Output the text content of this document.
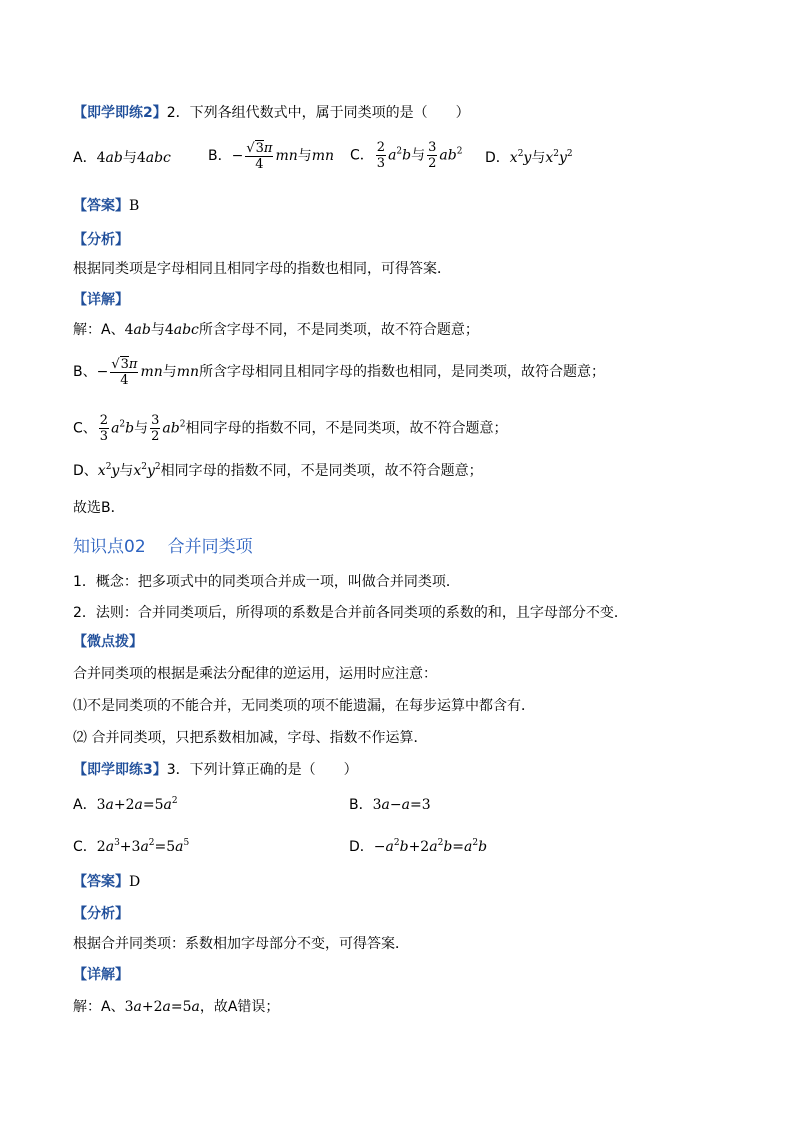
【即学即练2】2．下列各组代数式中，属于同类项的是（　　）
A．4ab与4abc	B．− $\frac{√3\pi}{4}$ mn与mn C． $\frac{2}{3} a^2b$与 $\frac{3}{2} ab^2$ D．$x^2y$与$x^2y^2$
【答案】B
【分析】
根据同类项是字母相同且相同字母的指数也相同，可得答案．
【详解】
解：A、4ab与4abc所含字母不同，不是同类项，故不符合题意；
B、− $\frac{√3\pi}{4}$ mn与mn所含字母相同且相同字母的指数也相同，是同类项，故符合题意；
C、 $\frac{2}{3} a^2b$与 $\frac{3}{2} ab^2$相同字母的指数不同，不是同类项，故不符合题意；
D、$x^2y$与$x^2y^2$相同字母的指数不同，不是同类项，故不符合题意；
故选B．
知识点02 合并同类项
1．概念：把多项式中的同类项合并成一项，叫做合并同类项．
2．法则：合并同类项后，所得项的系数是合并前各同类项的系数的和，且字母部分不变．
【微点拨】
合并同类项的根据是乘法分配律的逆运用，运用时应注意：
⑴不是同类项的不能合并，无同类项的项不能遗漏，在每步运算中都含有．
⑵ 合并同类项，只把系数相加减，字母、指数不作运算．
【即学即练3】3．下列计算正确的是（　　）
A．$3a+2a=5a^2$	B．3a−a=3
C．$2a^3+3a^2=5a^5$	D．$-a^2b+2a^2b=a^2b$
【答案】D
【分析】
根据合并同类项：系数相加字母部分不变，可得答案．
【详解】
解：A、3a+2a=5a，故A错误；
